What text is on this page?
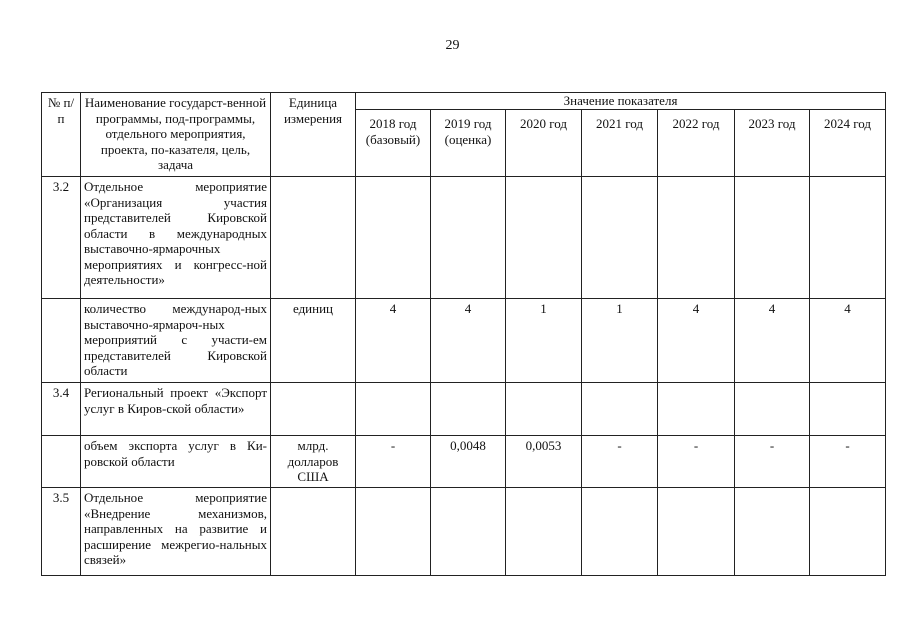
29
№ п/п	Наименование государст-венной программы, под-программы, отдельного мероприятия, проекта, по-казателя, цель, задача	Единица измерения	Значение показателя						
			2018 год (базовый)	2019 год (оценка)	2020 год	2021 год	2022 год	2023 год	2024 год
3.2	Отдельное мероприятие «Организация участия представителей Кировской области в международных выставочно-ярмарочных мероприятиях и конгресс-ной деятельности»								
	количество международ-ных выставочно-ярмароч-ных мероприятий с участи-ем представителей Кировской области	единиц	4	4	1	1	4	4	4
3.4	Региональный проект «Экспорт услуг в Киров-ской области»								
	объем экспорта услуг в Ки-ровской области	млрд. долларов США	-	0,0048	0,0053	-	-	-	-
3.5	Отдельное мероприятие «Внедрение механизмов, направленных на развитие и расширение межрегио-нальных связей»								
